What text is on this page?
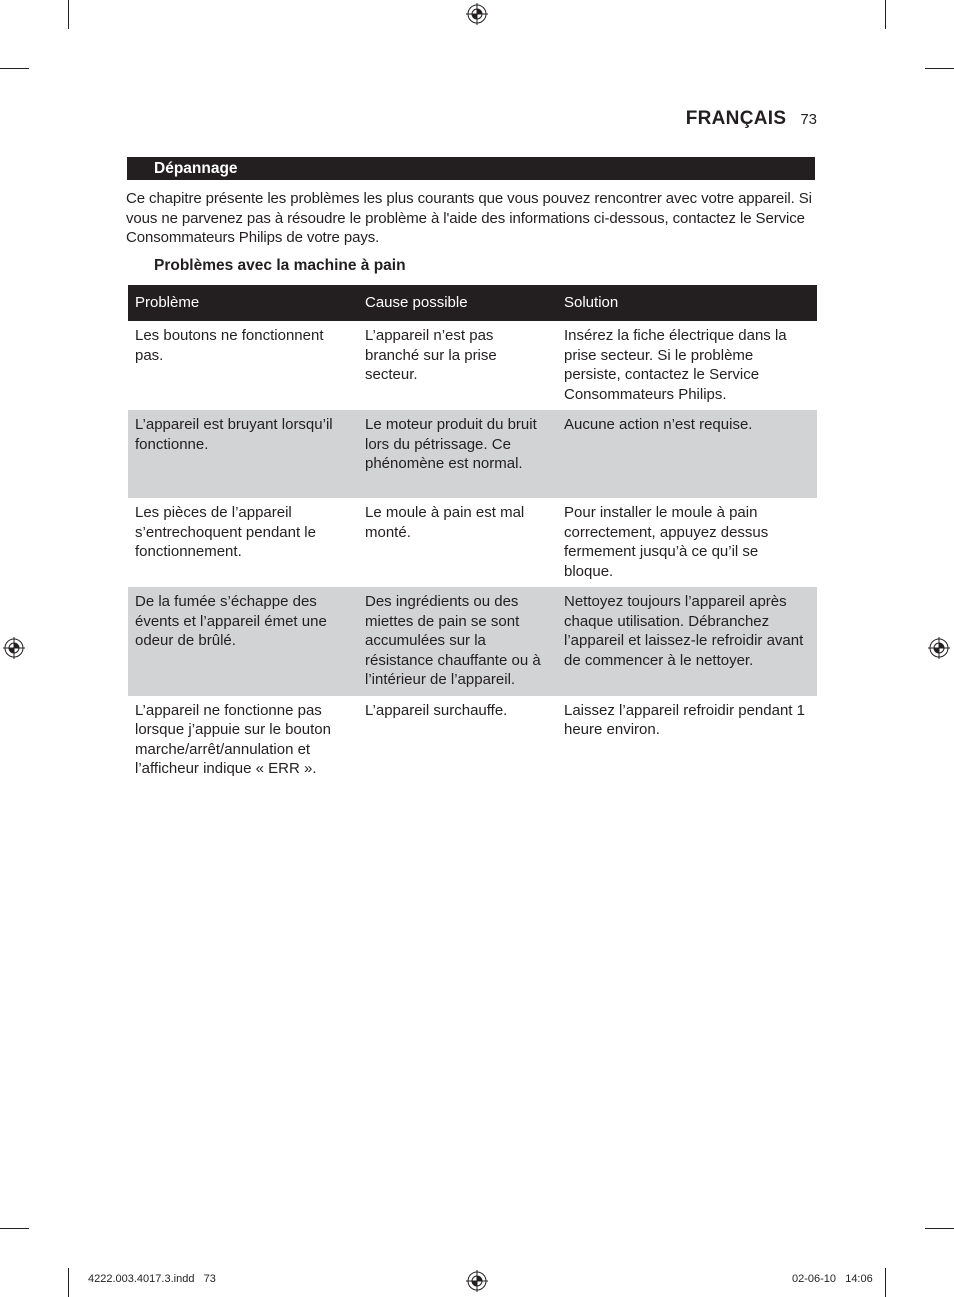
FRANÇAIS 73
Dépannage

Ce chapitre présente les problèmes les plus courants que vous pouvez rencontrer avec votre appareil. Si vous ne parvenez pas à résoudre le problème à l'aide des informations ci-dessous, contactez le Service Consommateurs Philips de votre pays.

Problèmes avec la machine à pain
Problème	Cause possible	Solution
Les boutons ne fonctionnent pas.	L’appareil n’est pas branché sur la prise secteur.	Insérez la fiche électrique dans la prise secteur. Si le problème persiste, contactez le Service Consommateurs Philips.
L’appareil est bruyant lorsqu’il fonctionne.	Le moteur produit du bruit lors du pétrissage. Ce phénomène est normal.	Aucune action n’est requise.
Les pièces de l’appareil s’entrechoquent pendant le fonctionnement.	Le moule à pain est mal monté.	Pour installer le moule à pain correctement, appuyez dessus fermement jusqu’à ce qu’il se bloque.
De la fumée s’échappe des évents et l’appareil émet une odeur de brûlé.	Des ingrédients ou des miettes de pain se sont accumulées sur la résistance chauffante ou à l’intérieur de l’appareil.	Nettoyez toujours l’appareil après chaque utilisation. Débranchez l’appareil et laissez-le refroidir avant de commencer à le nettoyer.
L’appareil ne fonctionne pas lorsque j’appuie sur le bouton marche/arrêt/annulation et l’afficheur indique « ERR ».	L’appareil surchauffe.	Laissez l’appareil refroidir pendant 1 heure environ.
4222.003.4017.3.indd   73	02-06-10   14:06
